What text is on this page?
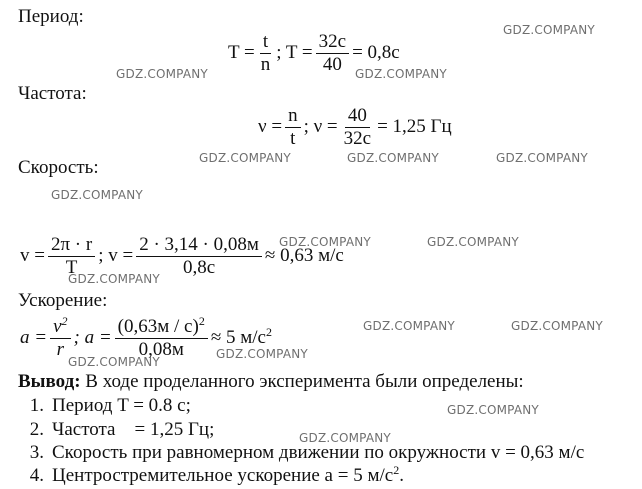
Период:
Частота:
Скорость:
Ускорение:
$T = \frac{t}{n}$ ; $T = \frac{32c}{40} = 0,8c$
$\nu = \frac{n}{t}$ ; $\nu = \frac{40}{32c} = 1,25$ Гц
$v = \frac{2\pi \cdot r}{T}$ ; $v = \frac{2 \cdot 3,14 \cdot 0,08м}{0,8c} \approx 0,63$ м/с
$a = \frac{v^2}{r}$ ; $a = \frac{(0,63м / с)^2}{0,08м} \approx 5$ $м/с^2$
Вывод: В ходе проделанного эксперимента были определены:
1. Период T = 0.8 с;
2. Частота    = 1,25 Гц;
3. Скорость при равномерном движении по окружности v = 0,63 м/с
4. Центростремительное ускорение a = 5 $м/с^2$.
GDZ.COMPANY
GDZ.COMPANY	GDZ.COMPANY
GDZ.COMPANY	GDZ.COMPANY	GDZ.COMPANY
GDZ.COMPANY
GDZ.COMPANY	GDZ.COMPANY
GDZ.COMPANY
GDZ.COMPANY	GDZ.COMPANY
GDZ.COMPANY
GDZ.COMPANY
GDZ.COMPANY
GDZ.COMPANY
